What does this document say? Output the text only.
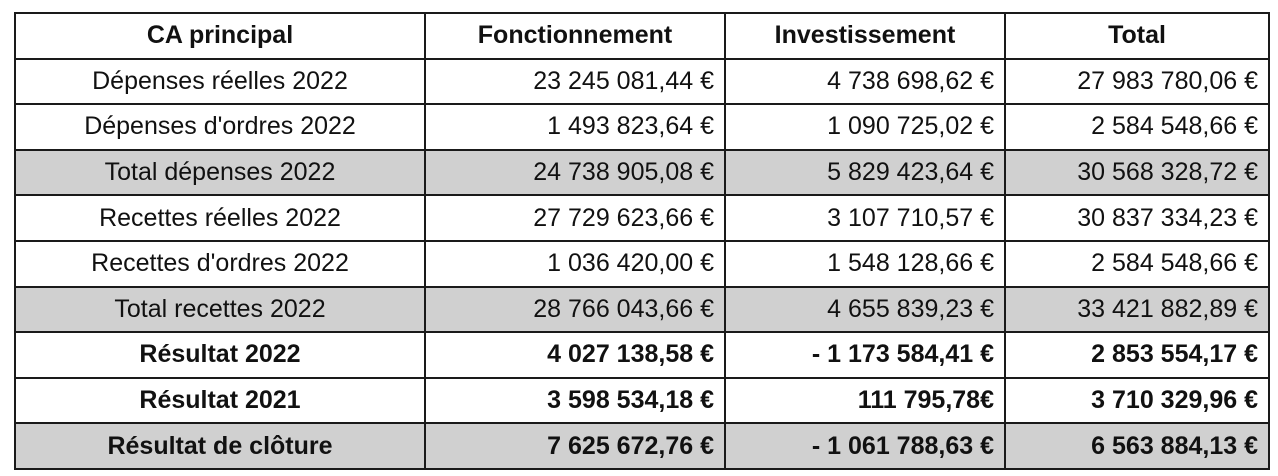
CA principal	Fonctionnement	Investissement	Total
Dépenses réelles 2022	23 245 081,44 €	4 738 698,62 €	27 983 780,06 €
Dépenses d'ordres 2022	1 493 823,64 €	1 090 725,02 €	2 584 548,66 €
Total dépenses 2022	24 738 905,08 €	5 829 423,64 €	30 568 328,72 €
Recettes réelles 2022	27 729 623,66 €	3 107 710,57 €	30 837 334,23 €
Recettes d'ordres 2022	1 036 420,00 €	1 548 128,66 €	2 584 548,66 €
Total recettes 2022	28 766 043,66 €	4 655 839,23 €	33 421 882,89 €
Résultat 2022	4 027 138,58 €	- 1 173 584,41 €	2 853 554,17 €
Résultat 2021	3 598 534,18 €	111 795,78€	3 710 329,96 €
Résultat de clôture	7 625 672,76 €	- 1 061 788,63 €	6 563 884,13 €
